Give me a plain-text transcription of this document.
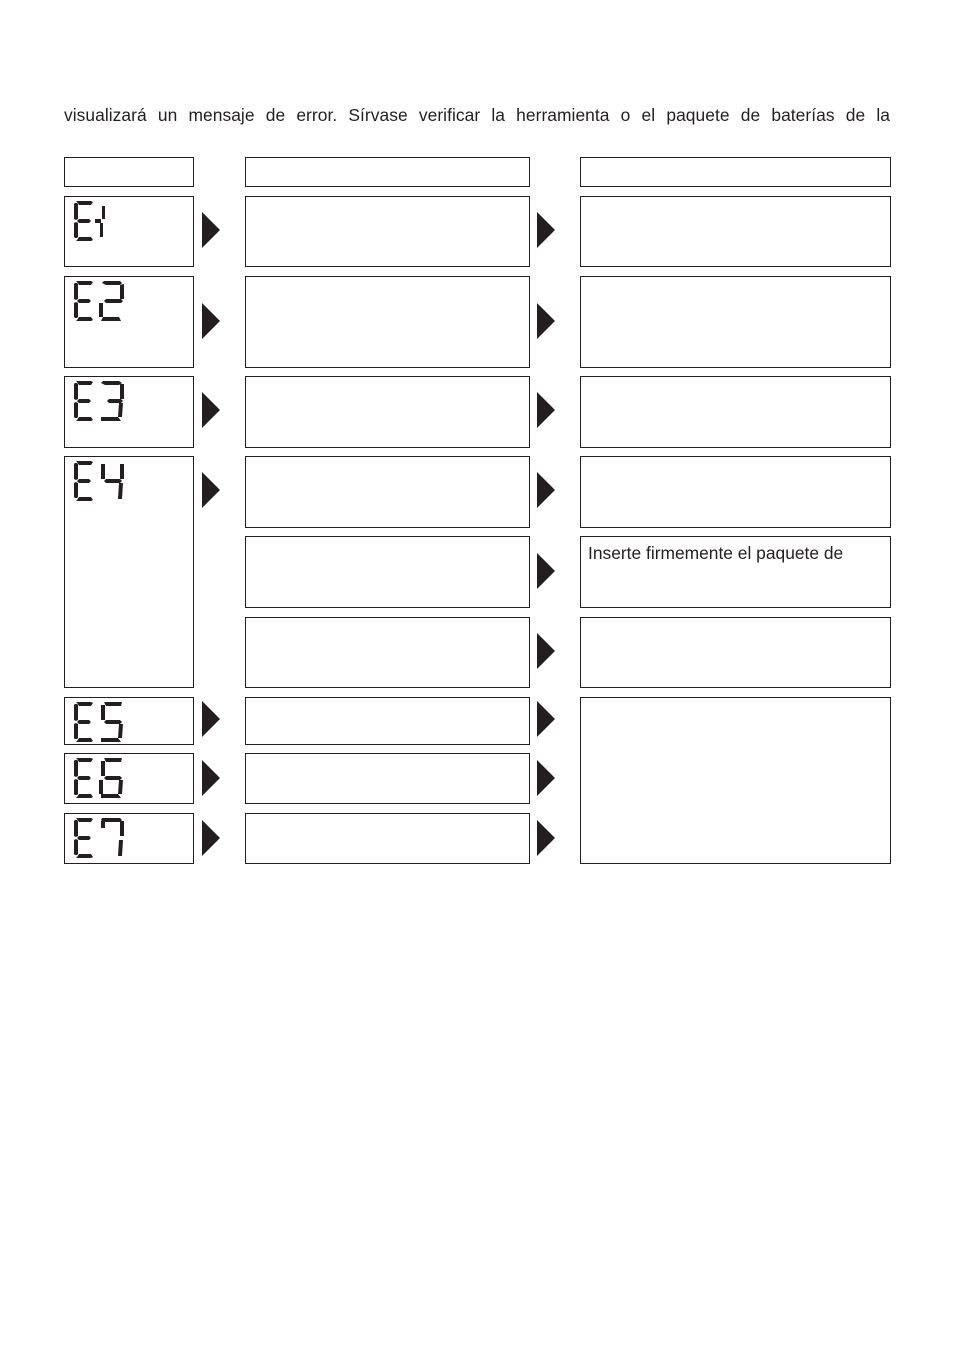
visualizará un mensaje de error. Sírvase verificar la herramienta o el paquete de baterías de la
Inserte firmemente el paquete de
